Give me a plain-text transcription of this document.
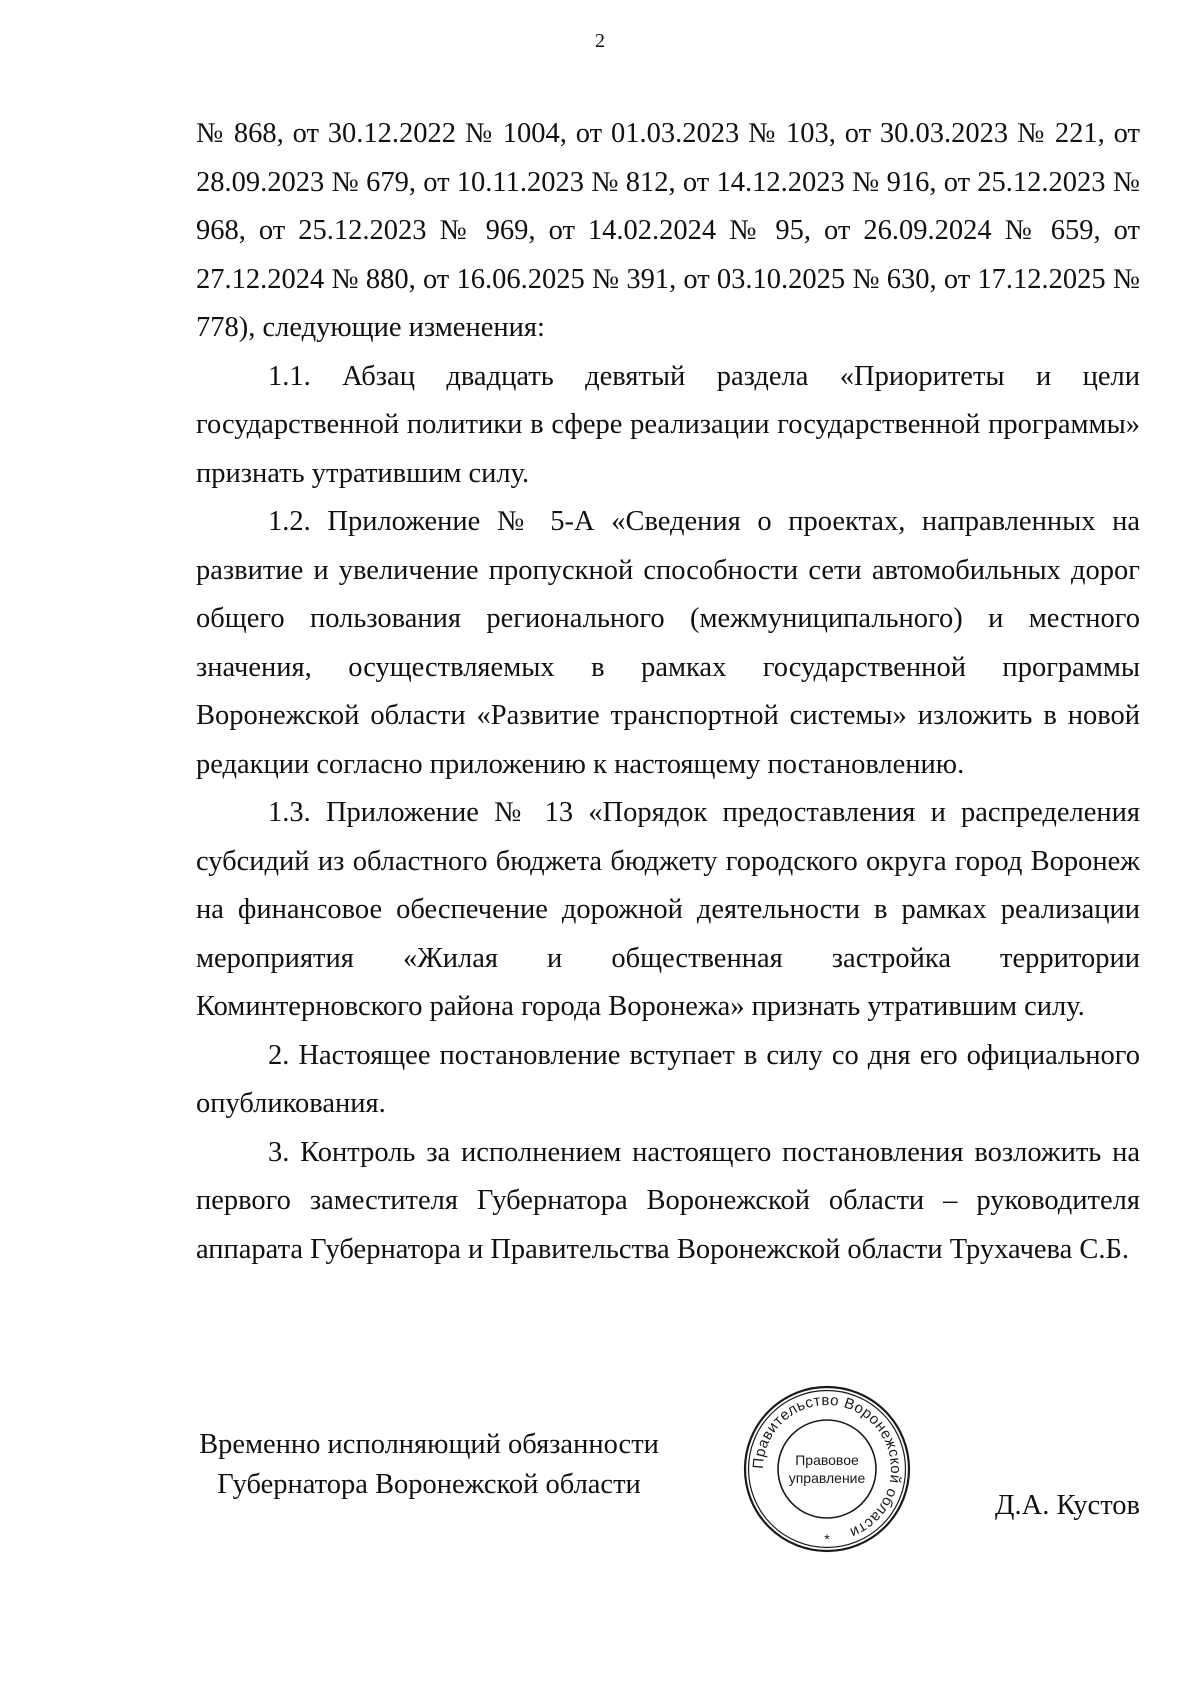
2

№ 868, от 30.12.2022 № 1004, от 01.03.2023 № 103, от 30.03.2023 № 221, от 28.09.2023 № 679, от 10.11.2023 № 812, от 14.12.2023 № 916, от 25.12.2023 № 968, от 25.12.2023 № 969, от 14.02.2024 № 95, от 26.09.2024 № 659, от 27.12.2024 № 880, от 16.06.2025 № 391, от 03.10.2025 № 630, от 17.12.2025 № 778), следующие изменения:

1.1. Абзац двадцать девятый раздела «Приоритеты и цели государственной политики в сфере реализации государственной программы» признать утратившим силу.

1.2. Приложение № 5-А «Сведения о проектах, направленных на развитие и увеличение пропускной способности сети автомобильных дорог общего пользования регионального (межмуниципального) и местного значения, осуществляемых в рамках государственной программы Воронежской области «Развитие транспортной системы» изложить в новой редакции согласно приложению к настоящему постановлению.

1.3. Приложение № 13 «Порядок предоставления и распределения субсидий из областного бюджета бюджету городского округа город Воронеж на финансовое обеспечение дорожной деятельности в рамках реализации мероприятия «Жилая и общественная застройка территории Коминтерновского района города Воронежа» признать утратившим силу.

2. Настоящее постановление вступает в силу со дня его официального опубликования.

3. Контроль за исполнением настоящего постановления возложить на первого заместителя Губернатора Воронежской области – руководителя аппарата Губернатора и Правительства Воронежской области Трухачева С.Б.

Временно исполняющий обязанности
Губернатора Воронежской области
Правительство Воронежской области
Правовое
управление
*
Д.А. Кустов
